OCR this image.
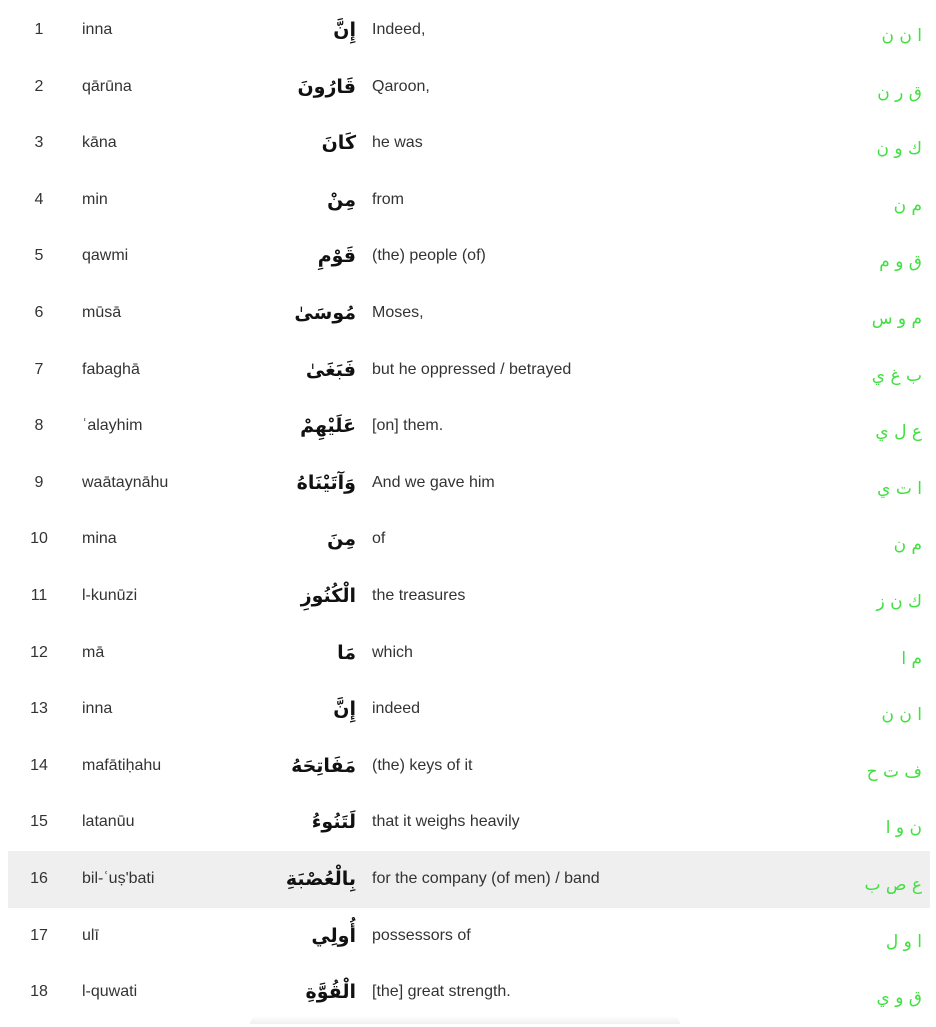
1	inna	إِنَّ Indeed,	ا ن ن
2	qārūna	قَارُونَ Qaroon,	ق ر ن
3	kāna	كَانَ he was	ك و ن
4	min	مِنْ from	م ن
5	qawmi	قَوْمِ (the) people (of)	ق و م
6	mūsā	مُوسَىٰ Moses,	م و س
7	fabaghā	فَبَغَىٰ but he oppressed / betrayed	ب غ ي
8	ʿalayhim	عَلَيْهِمْ [on] them.	ع ل ي
9	waātaynāhu	وَآتَيْنَاهُ And we gave him	ا ت ي
10	mina	مِنَ of	م ن
11	l-kunūzi	الْكُنُوزِ the treasures	ك ن ز
12	mā	مَا which	م ا
13	inna	إِنَّ indeed	ا ن ن
14	mafātiḥahu	مَفَاتِحَهُ (the) keys of it	ف ت ح
15	latanūu	لَتَنُوءُ that it weighs heavily	ن و ا
16	bil-ʿuṣ'bati	بِالْعُصْبَةِ for the company (of men) / band	ع ص ب
17	ulī	أُولِي possessors of	ا و ل
18	l-quwati	الْقُوَّةِ [the] great strength.	ق و ي
